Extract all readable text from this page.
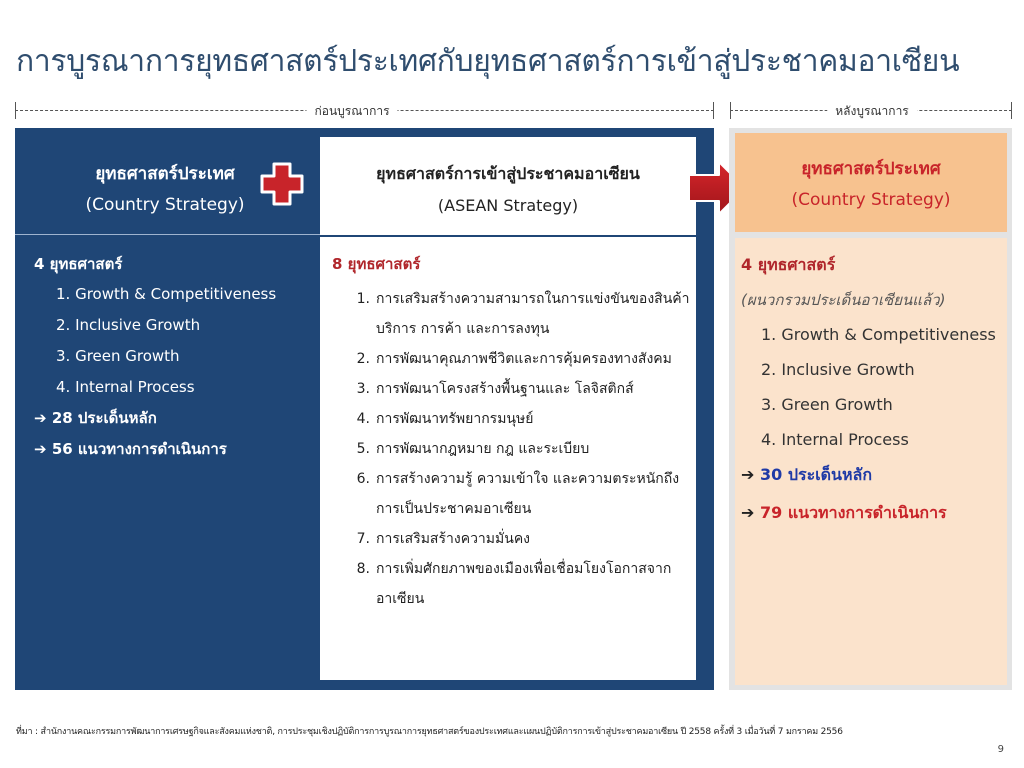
การบูรณาการยุทธศาสตร์ประเทศกับยุทธศาสตร์การเข้าสู่ประชาคมอาเซียน
ก่อนบูรณาการ	หลังบูรณาการ
ยุทธศาสตร์ประเทศ
(Country Strategy)
4 ยุทธศาสตร์
1. Growth & Competitiveness
2. Inclusive Growth
3. Green Growth
4. Internal Process
➔ 28 ประเด็นหลัก
➔ 56 แนวทางการดำเนินการ
ยุทธศาสตร์การเข้าสู่ประชาคมอาเซียน
(ASEAN Strategy)
8 ยุทธศาสตร์
1. การเสริมสร้างความสามารถในการแข่งขันของสินค้า บริการ การค้า และการลงทุน
2. การพัฒนาคุณภาพชีวิตและการคุ้มครองทางสังคม
3. การพัฒนาโครงสร้างพื้นฐานและ โลจิสติกส์
4. การพัฒนาทรัพยากรมนุษย์
5. การพัฒนากฎหมาย กฎ และระเบียบ
6. การสร้างความรู้ ความเข้าใจ และความตระหนักถึง การเป็นประชาคมอาเซียน
7. การเสริมสร้างความมั่นคง
8. การเพิ่มศักยภาพของเมืองเพื่อเชื่อมโยงโอกาสจาก อาเซียน
ยุทธศาสตร์ประเทศ
(Country Strategy)
4 ยุทธศาสตร์
(ผนวกรวมประเด็นอาเซียนแล้ว)
1. Growth & Competitiveness
2. Inclusive Growth
3. Green Growth
4. Internal Process
➔ 30 ประเด็นหลัก
➔ 79 แนวทางการดำเนินการ
ที่มา : สำนักงานคณะกรรมการพัฒนาการเศรษฐกิจและสังคมแห่งชาติ, การประชุมเชิงปฏิบัติการการบูรณาการยุทธศาสตร์ของประเทศและแผนปฏิบัติการการเข้าสู่ประชาคมอาเซียน ปี 2558 ครั้งที่ 3 เมื่อวันที่ 7 มกราคม 2556
9
